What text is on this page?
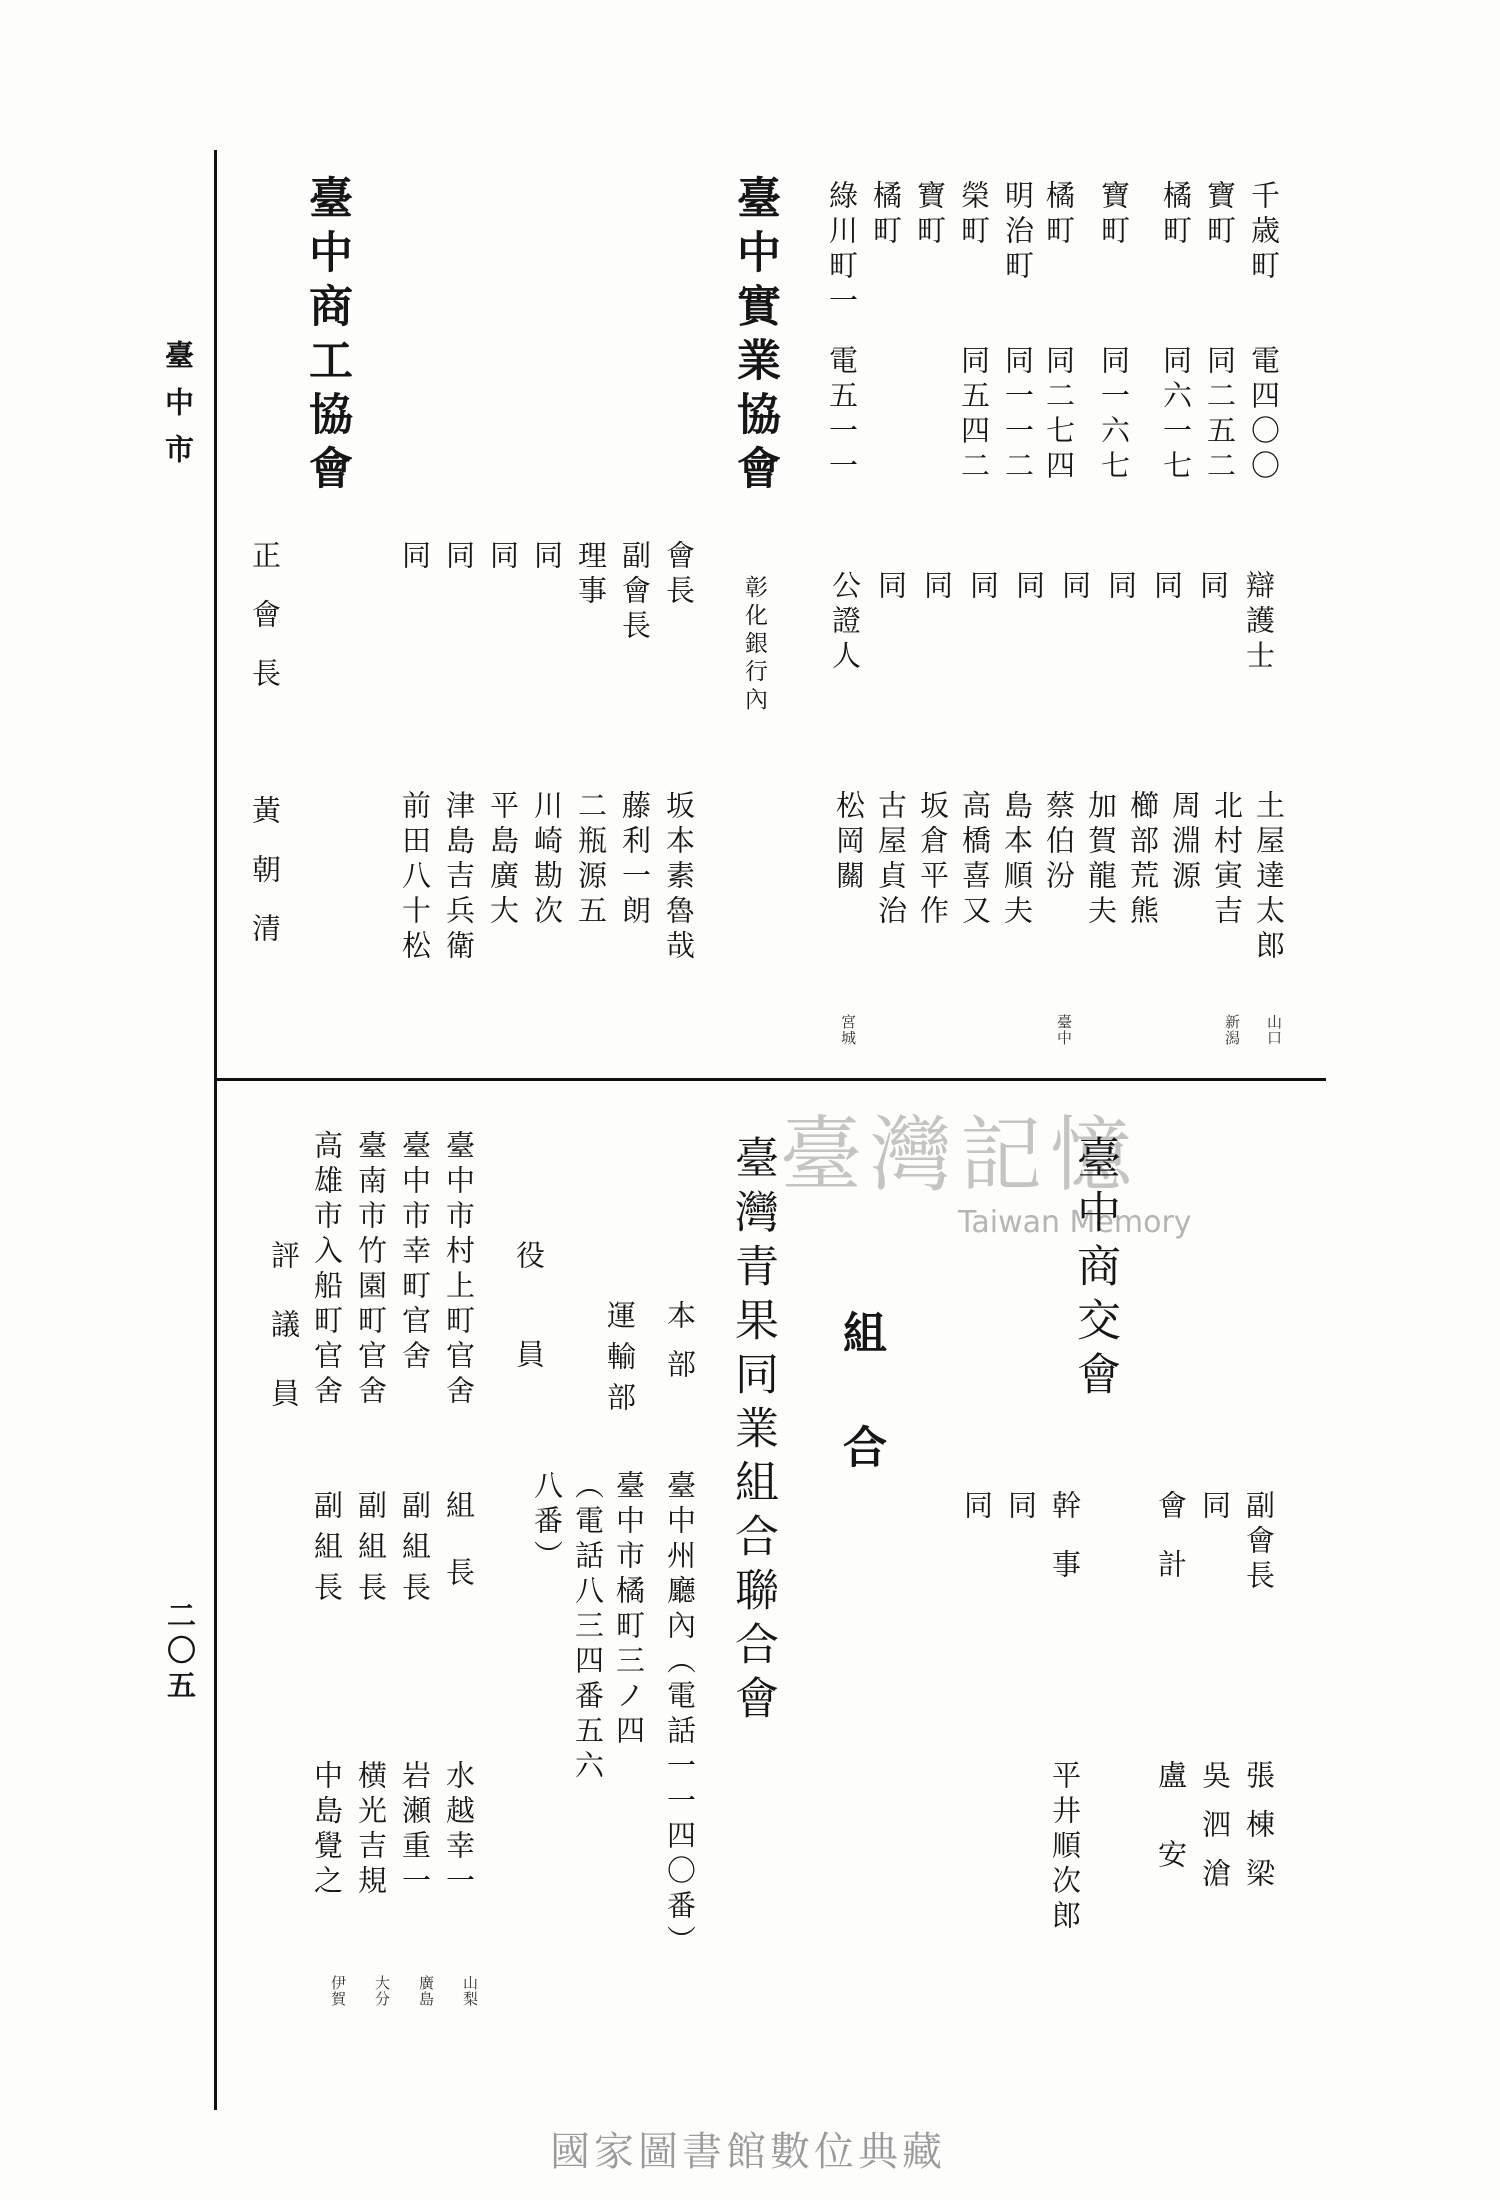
臺中市
二〇五
千歳町
寶町
橘町
寶町
橘町
明治町
榮町
寶町
橘町
綠川町一
電四〇〇
同二五二
同六一七
同一六七
同二七四
同一一二
同五四二
電五一一
辯護士
同
同
同
同
同
同
同
同
公證人
土屋達太郎
北村寅吉
周淵源
櫛部荒熊
加賀龍夫
蔡伯汾
島本順夫
高橋喜又
坂倉平作
古屋貞治
松岡關
山口
新潟
臺中
宮城
臺中實業協會
彰化銀行內
會長
副會長
理事
同
同
同
同
坂本素魯哉
藤利一朗
二瓶源五
川崎勘次
平島廣大
津島吉兵衛
前田八十松
臺中商工協會
正會長
黃朝清
臺灣記憶
Taiwan Memory
臺中商交會
副會長
同
會計
幹事
同
同
張棟梁
吳泗滄
盧安
平井順次郎
組合
臺灣青果同業組合聯合會
本部
運輸部
臺中州廳內（電話一一四〇番）
臺中市橘町三ノ四（電話八三四番五六八番）
役員
臺中市村上町官舍
臺中市幸町官舍
臺南市竹園町官舍
高雄市入船町官舍
評議員
組長
副組長
副組長
副組長
水越幸一
岩瀬重一
横光吉規
中島覺之
山梨
廣島
大分
伊賀
國家圖書館數位典藏
